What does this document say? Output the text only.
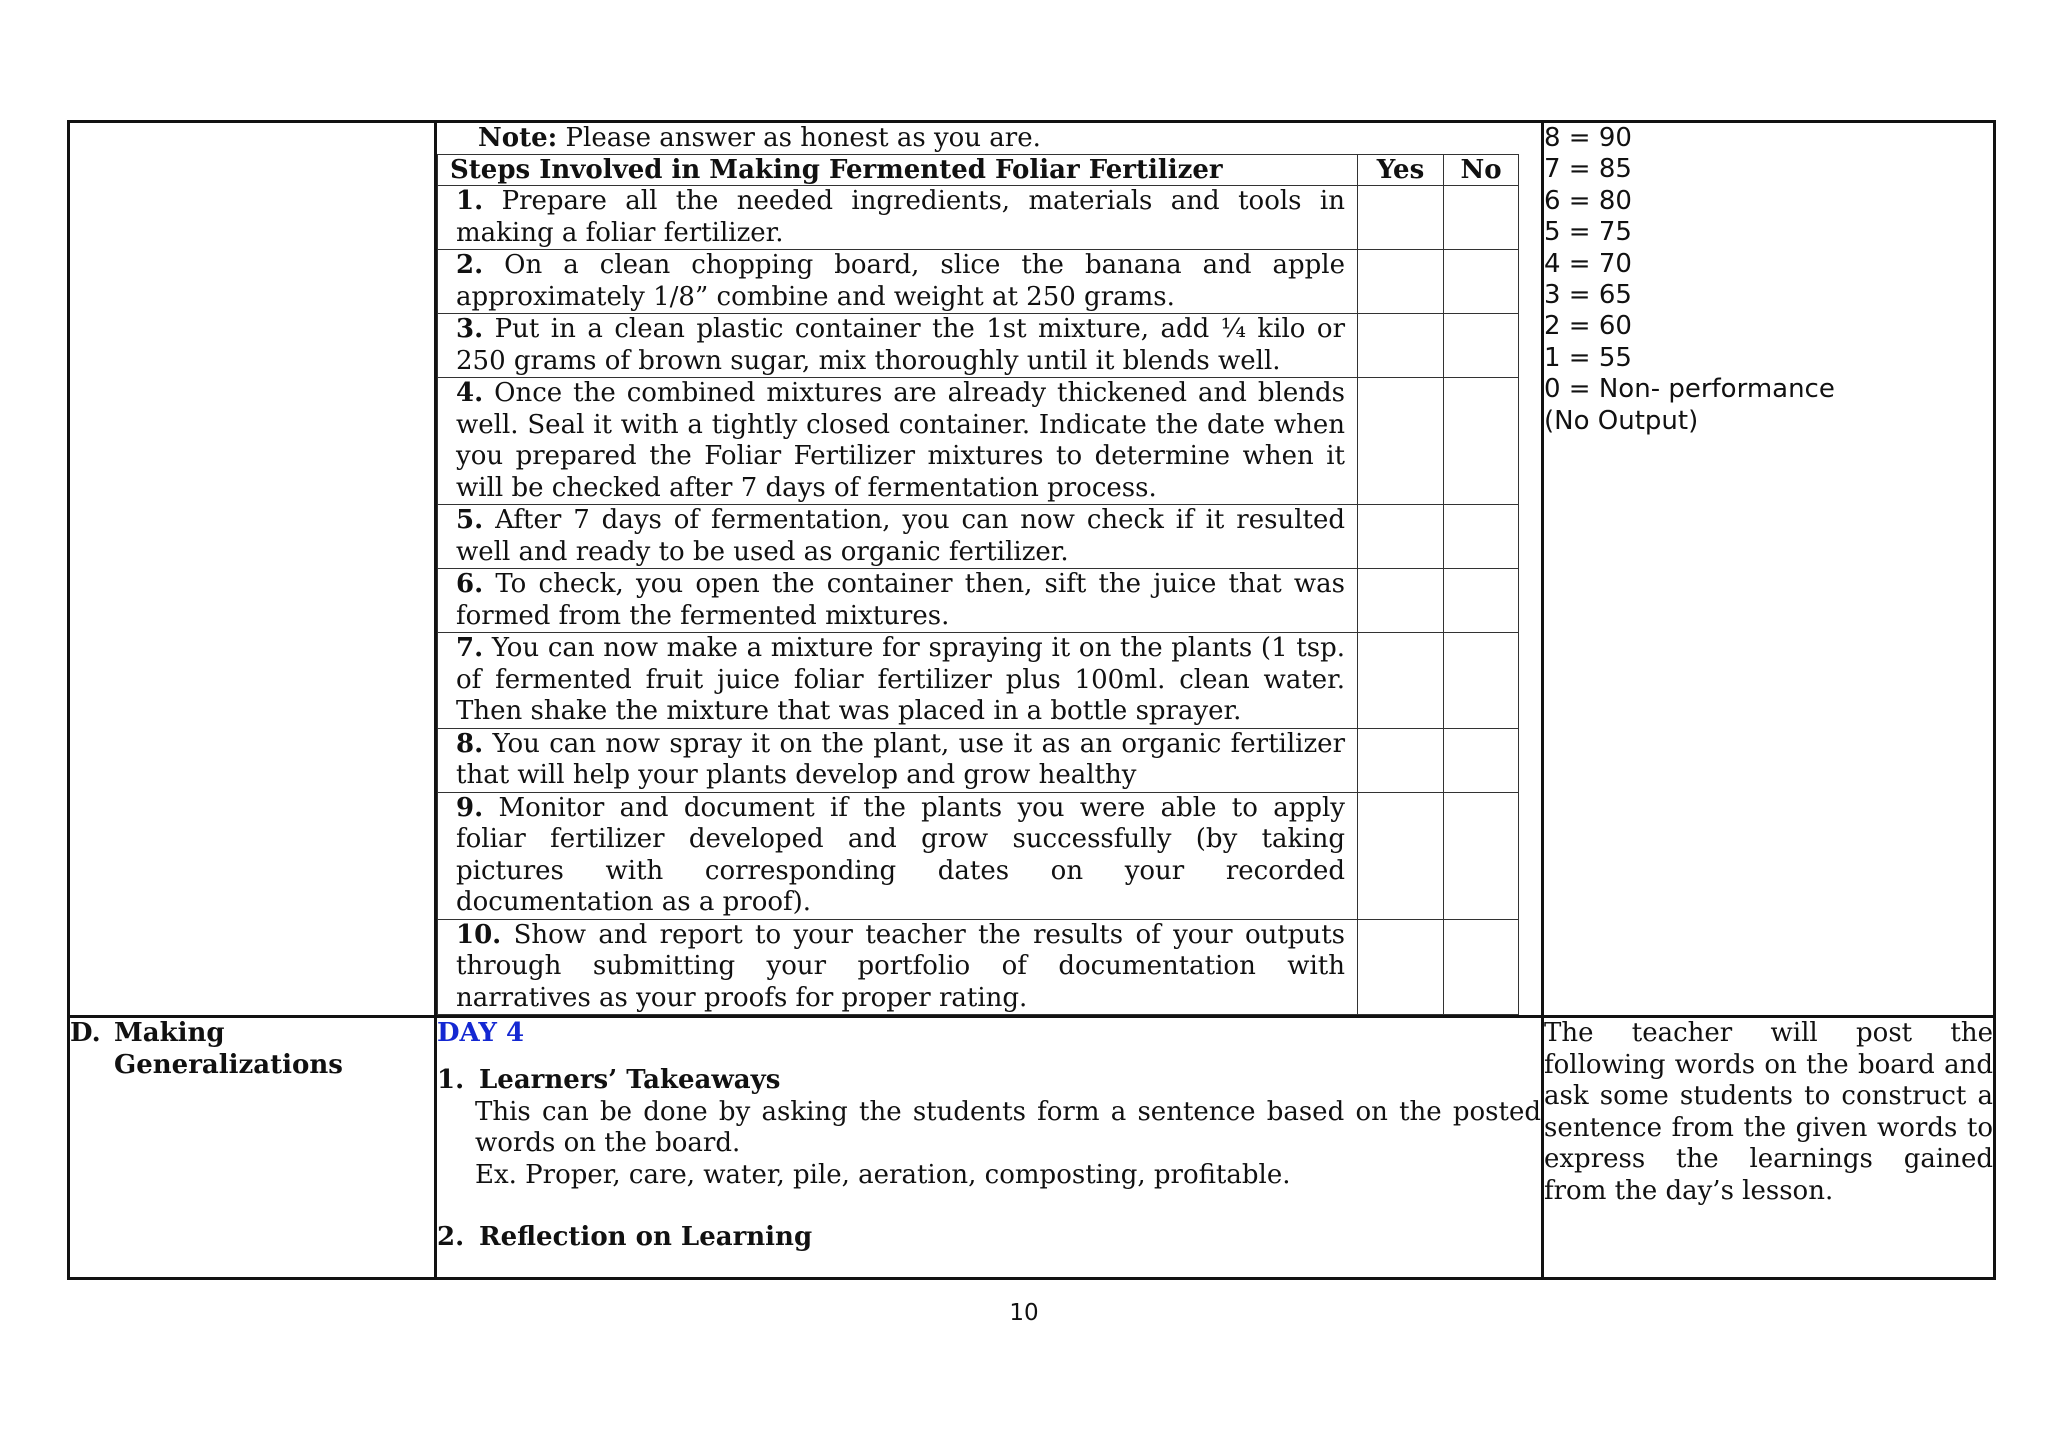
Note: Please answer as honest as you are.
Steps Involved in Making Fermented Foliar Fertilizer	Yes	No
1. Prepare all the needed ingredients, materials and tools in making a foliar fertilizer.		
2. On a clean chopping board, slice the banana and apple approximately 1/8” combine and weight at 250 grams.		
3. Put in a clean plastic container the 1st mixture, add ¼ kilo or 250 grams of brown sugar, mix thoroughly until it blends well.		
4. Once the combined mixtures are already thickened and blends well. Seal it with a tightly closed container. Indicate the date when you prepared the Foliar Fertilizer mixtures to determine when it will be checked after 7 days of fermentation process.		
5. After 7 days of fermentation, you can now check if it resulted well and ready to be used as organic fertilizer.		
6. To check, you open the container then, sift the juice that was formed from the fermented mixtures.		
7. You can now make a mixture for spraying it on the plants (1 tsp. of fermented fruit juice foliar fertilizer plus 100ml. clean water. Then shake the mixture that was placed in a bottle sprayer.		
8. You can now spray it on the plant, use it as an organic fertilizer that will help your plants develop and grow healthy		
9. Monitor and document if the plants you were able to apply foliar fertilizer developed and grow successfully (by taking pictures with corresponding dates on your recorded documentation as a proof).		
10. Show and report to your teacher the results of your outputs through submitting your portfolio of documentation with narratives as your proofs for proper rating.		

8 = 90
7 = 85
6 = 80
5 = 75
4 = 70
3 = 65
2 = 60
1 = 55
0 = Non- performance
(No Output)

D. Making
Generalizations

DAY 4
1. Learners’ Takeaways
This can be done by asking the students form a sentence based on the posted words on the board.
Ex. Proper, care, water, pile, aeration, composting, profitable.
2. Reflection on Learning
	The teacher will post the following words on the board and ask some students to construct a sentence from the given words to express the learnings gained from the day’s lesson.
10
